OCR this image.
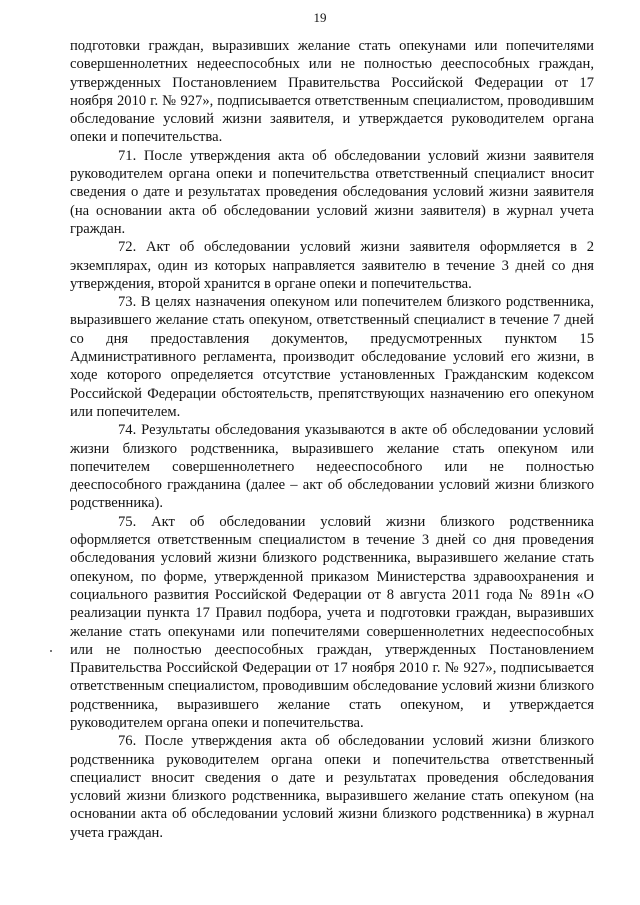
19

подготовки граждан, выразивших желание стать опекунами или попечителями совершеннолетних недееспособных или не полностью дееспособных граждан, утвержденных Постановлением Правительства Российской Федерации от 17 ноября 2010 г. № 927», подписывается ответственным специалистом, проводившим обследование условий жизни заявителя, и утверждается руководителем органа опеки и попечительства.

71. После утверждения акта об обследовании условий жизни заявителя руководителем органа опеки и попечительства ответственный специалист вносит сведения о дате и результатах проведения обследования условий жизни заявителя (на основании акта об обследовании условий жизни заявителя) в журнал учета граждан.

72. Акт об обследовании условий жизни заявителя оформляется в 2 экземплярах, один из которых направляется заявителю в течение 3 дней со дня утверждения, второй хранится в органе опеки и попечительства.

73. В целях назначения опекуном или попечителем близкого родственника, выразившего желание стать опекуном, ответственный специалист в течение 7 дней со дня предоставления документов, предусмотренных пунктом 15 Административного регламента, производит обследование условий его жизни, в ходе которого определяется отсутствие установленных Гражданским кодексом Российской Федерации обстоятельств, препятствующих назначению его опекуном или попечителем.

74. Результаты обследования указываются в акте об обследовании условий жизни близкого родственника, выразившего желание стать опекуном или попечителем совершеннолетнего недееспособного или не полностью дееспособного гражданина (далее – акт об обследовании условий жизни близкого родственника).

75. Акт об обследовании условий жизни близкого родственника оформляется ответственным специалистом в течение 3 дней со дня проведения обследования условий жизни близкого родственника, выразившего желание стать опекуном, по форме, утвержденной приказом Министерства здравоохранения и социального развития Российской Федерации от 8 августа 2011 года № 891н «О реализации пункта 17 Правил подбора, учета и подготовки граждан, выразивших желание стать опекунами или попечителями совершеннолетних недееспособных или не полностью дееспособных граждан, утвержденных Постановлением Правительства Российской Федерации от 17 ноября 2010 г. № 927», подписывается ответственным специалистом, проводившим обследование условий жизни близкого родственника, выразившего желание стать опекуном, и утверждается руководителем органа опеки и попечительства.

76. После утверждения акта об обследовании условий жизни близкого родственника руководителем органа опеки и попечительства ответственный специалист вносит сведения о дате и результатах проведения обследования условий жизни близкого родственника, выразившего желание стать опекуном (на основании акта об обследовании условий жизни близкого родственника) в журнал учета граждан.
